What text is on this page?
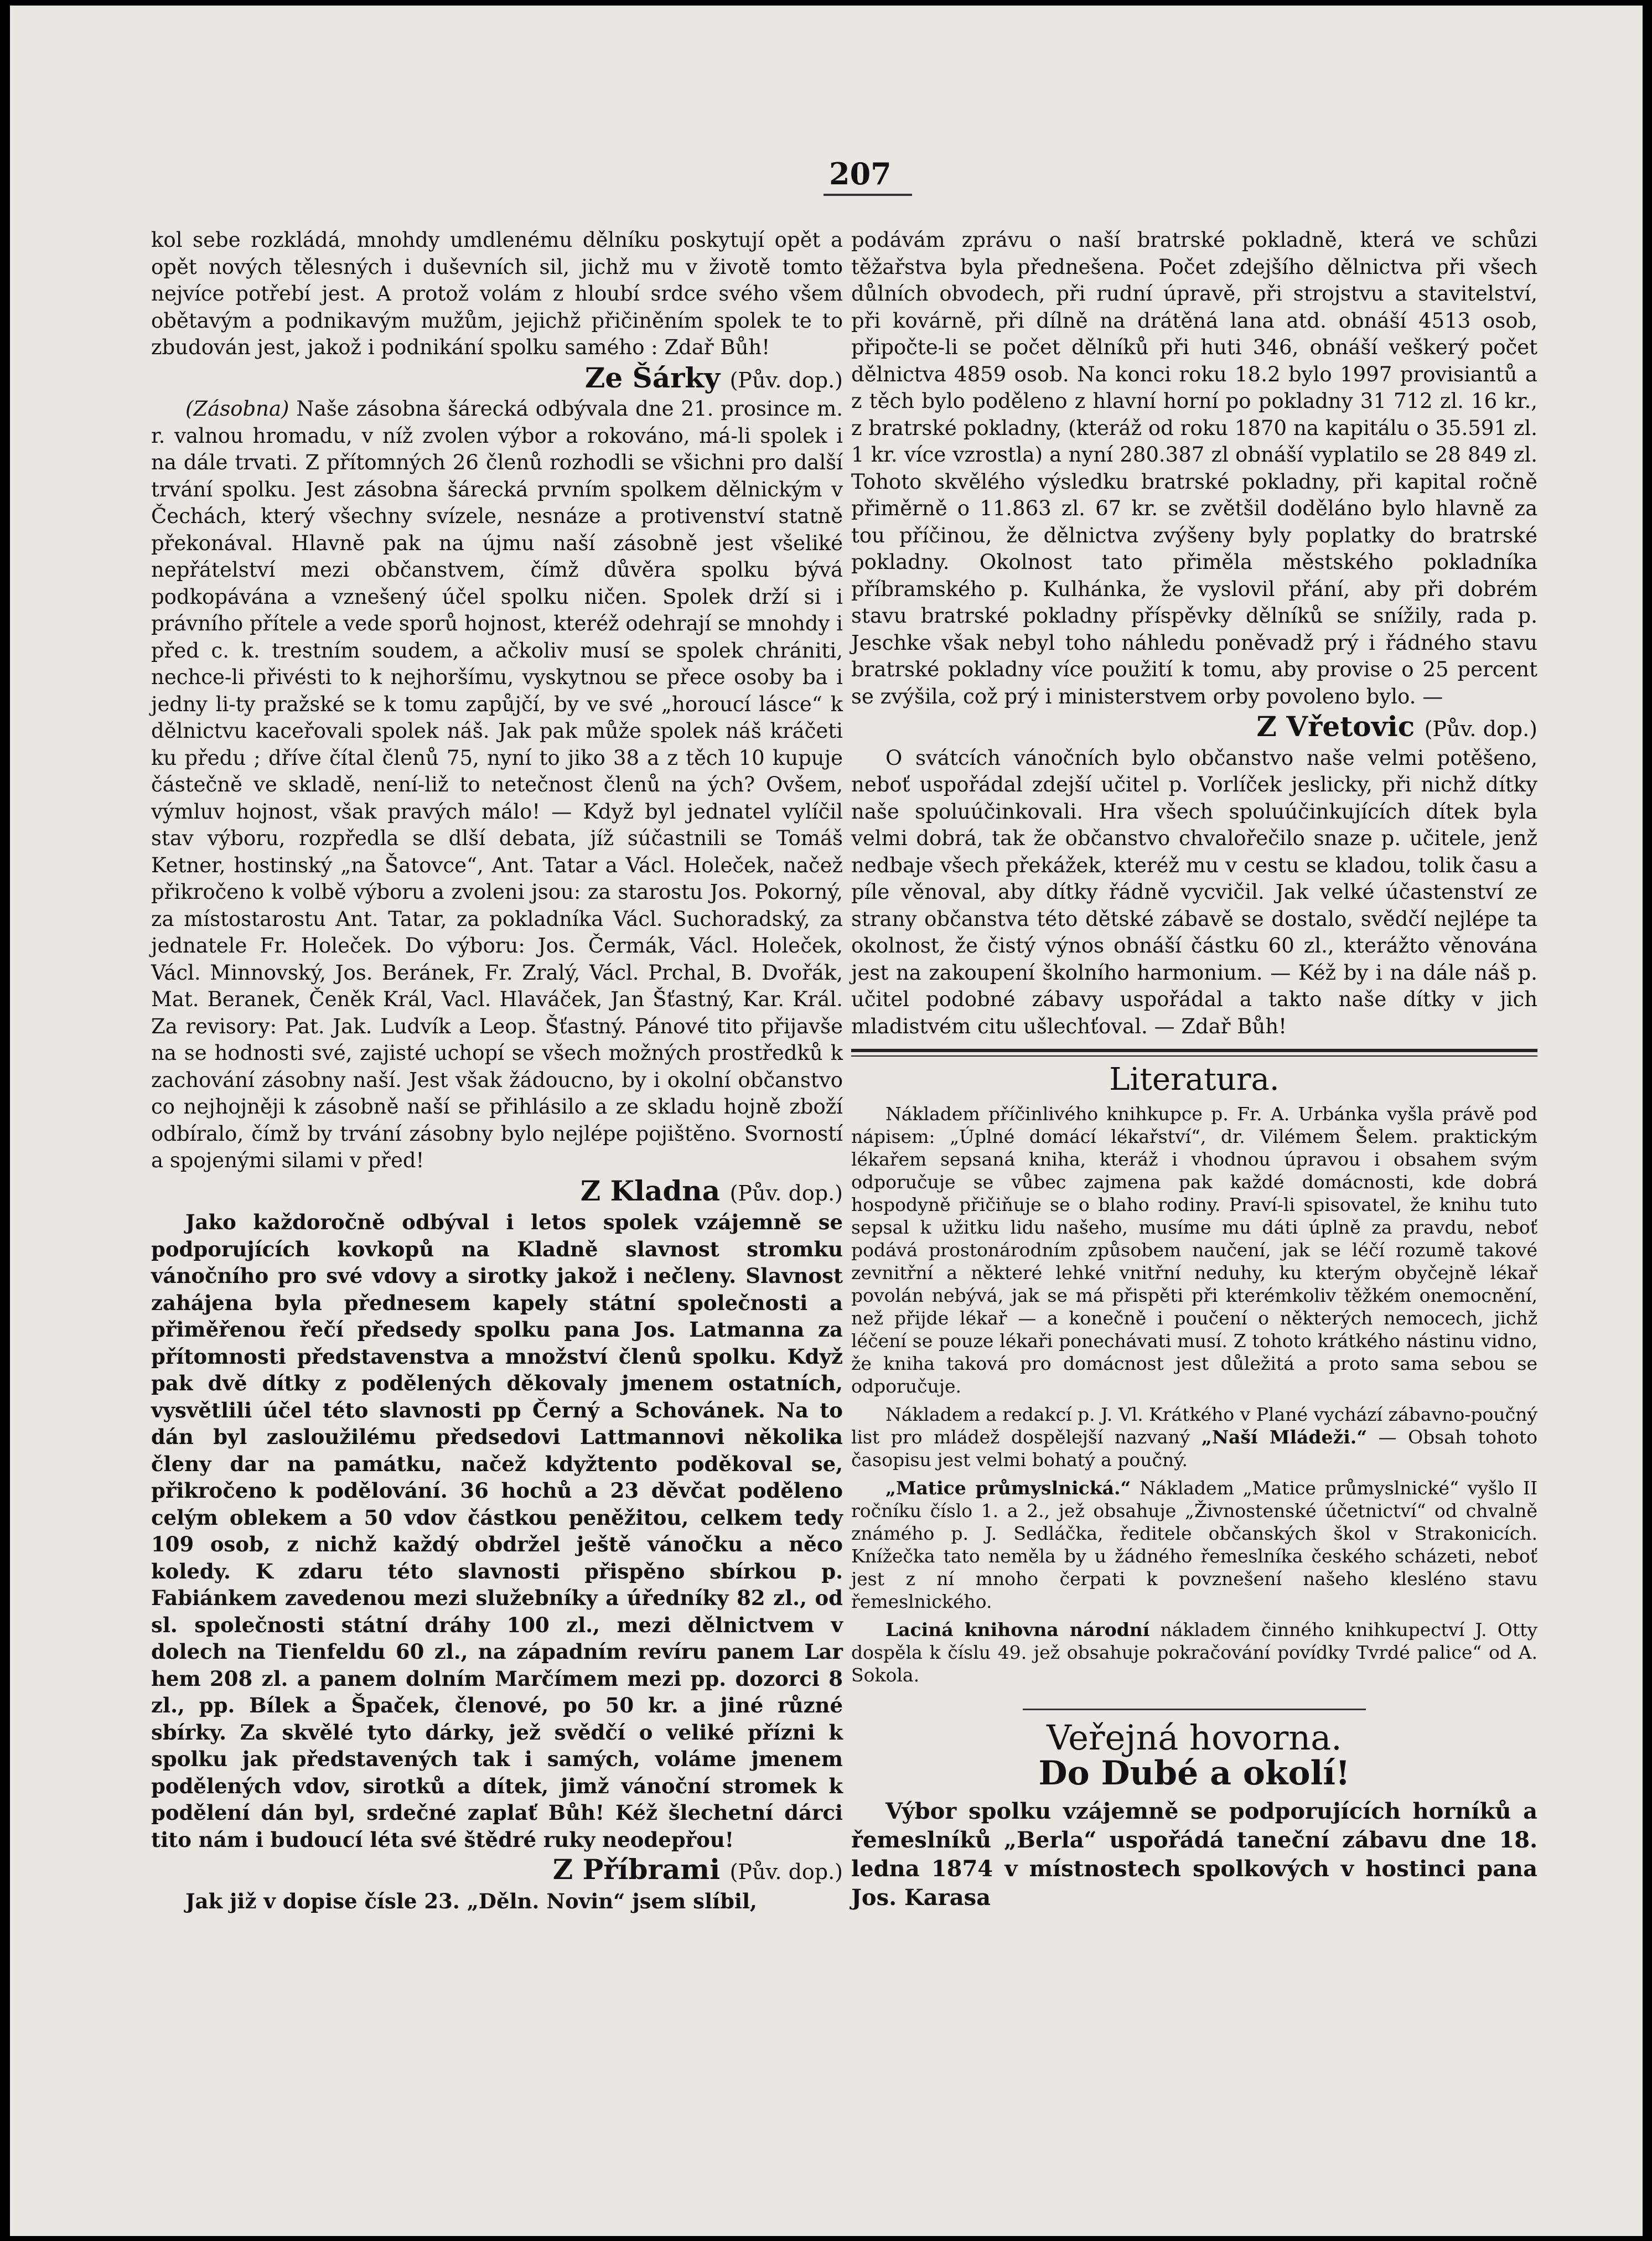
207

kol sebe rozkládá, mnohdy umdlenému dělníku poskytují opět a opět nových tělesných i duševních sil, jichž mu v životě tomto nejvíce potřebí jest. A protož volám z hloubí srdce svého všem obětavým a podnikavým mužům, jejichž přičiněním spolek te to zbudován jest, jakož i podnikání spolku samého : Zdař Bůh!

Ze Šárky (Pův. dop.)

(Zásobna) Naše zásobna šárecká odbývala dne 21. prosince m. r. valnou hromadu, v níž zvolen výbor a rokováno, má-li spolek i na dále trvati. Z přítomných 26 členů rozhodli se všichni pro další trvání spolku. Jest zásobna šárecká prvním spolkem dělnickým v Čechách, který všechny svízele, nesnáze a protivenství statně překonával. Hlavně pak na újmu naší zásobně jest všeliké nepřátelství mezi občanstvem, čímž důvěra spolku bývá podkopávána a vznešený účel spolku ničen. Spolek drží si i právního přítele a vede sporů hojnost, kteréž odehrají se mnohdy i před c. k. trestním soudem, a ačkoliv musí se spolek chrániti, nechce-li přivésti to k nejhoršímu, vyskytnou se přece osoby ba i jedny li-ty pražské se k tomu zapůjčí, by ve své „horoucí lásce“ k dělnictvu kaceřovali spolek náš. Jak pak může spolek náš kráčeti ku předu ; dříve čítal členů 75, nyní to jiko 38 a z těch 10 kupuje částečně ve skladě, není-liž to netečnost členů na ých? Ovšem, výmluv hojnost, však pravých málo! — Když byl jednatel vylíčil stav výboru, rozpředla se dlší debata, jíž súčastnili se Tomáš Ketner, hostinský „na Šatovce“, Ant. Tatar a Václ. Holeček, načež přikročeno k volbě výboru a zvoleni jsou: za starostu Jos. Pokorný, za místostarostu Ant. Tatar, za pokladníka Václ. Suchoradský, za jednatele Fr. Holeček. Do výboru: Jos. Čermák, Václ. Holeček, Václ. Minnovský, Jos. Beránek, Fr. Zralý, Václ. Prchal, B. Dvořák, Mat. Beranek, Čeněk Král, Vacl. Hlaváček, Jan Šťastný, Kar. Král. Za revisory: Pat. Jak. Ludvík a Leop. Šťastný. Pánové tito přijavše na se hodnosti své, zajisté uchopí se všech možných prostředků k zachování zásobny naší. Jest však žádoucno, by i okolní občanstvo co nejhojněji k zásobně naší se přihlásilo a ze skladu hojně zboží odbíralo, čímž by trvání zásobny bylo nejlépe pojištěno. Svorností a spojenými silami v před!

Z Kladna (Pův. dop.)

Jako každoročně odbýval i letos spolek vzájemně se podporujících kovkopů na Kladně slavnost stromku vánočního pro své vdovy a sirotky jakož i nečleny. Slavnost zahájena byla přednesem kapely státní společnosti a přiměřenou řečí předsedy spolku pana Jos. Latmanna za přítomnosti představenstva a množství členů spolku. Když pak dvě dítky z podělených děkovaly jmenem ostatních, vysvětlili účel této slavnosti pp Černý a Schovánek. Na to dán byl zasloužilému předsedovi Lattmannovi několika členy dar na památku, načež kdyžtento poděkoval se, přikročeno k podělování. 36 hochů a 23 děvčat poděleno celým oblekem a 50 vdov částkou peněžitou, celkem tedy 109 osob, z nichž každý obdržel ještě vánočku a něco koledy. K zdaru této slavnosti přispěno sbírkou p. Fabiánkem zavedenou mezi služebníky a úředníky 82 zl., od sl. společnosti státní dráhy 100 zl., mezi dělnictvem v dolech na Tienfeldu 60 zl., na západním revíru panem Lar hem 208 zl. a panem dolním Marčímem mezi pp. dozorci 8 zl., pp. Bílek a Špaček, členové, po 50 kr. a jiné různé sbírky. Za skvělé tyto dárky, jež svědčí o veliké přízni k spolku jak představených tak i samých, voláme jmenem podělených vdov, sirotků a dítek, jimž vánoční stromek k podělení dán byl, srdečné zaplať Bůh! Kéž šlechetní dárci tito nám i budoucí léta své štědré ruky neodepřou!

Z Příbrami (Pův. dop.)

Jak již v dopise čísle 23. „Děln. Novin“ jsem slíbil,

podávám zprávu o naší bratrské pokladně, která ve schůzi těžařstva byla přednešena. Počet zdejšího dělnictva při všech důlních obvodech, při rudní úpravě, při strojstvu a stavitelství, při kovárně, při dílně na drátěná lana atd. obnáší 4513 osob, připočte-li se počet dělníků při huti 346, obnáší veškerý počet dělnictva 4859 osob. Na konci roku 18.2 bylo 1997 provisiantů a z těch bylo poděleno z hlavní horní po pokladny 31 712 zl. 16 kr., z bratrské pokladny, (kteráž od roku 1870 na kapitálu o 35.591 zl. 1 kr. více vzrostla) a nyní 280.387 zl obnáší vyplatilo se 28 849 zl. Tohoto skvělého výsledku bratrské pokladny, při kapital ročně přiměrně o 11.863 zl. 67 kr. se zvětšil doděláno bylo hlavně za tou příčinou, že dělnictva zvýšeny byly poplatky do bratrské pokladny. Okolnost tato přiměla městského pokladníka příbramského p. Kulhánka, že vyslovil přání, aby při dobrém stavu bratrské pokladny příspěvky dělníků se snížily, rada p. Jeschke však nebyl toho náhledu poněvadž prý i řádného stavu bratrské pokladny více použití k tomu, aby provise o 25 percent se zvýšila, což prý i ministerstvem orby povoleno bylo. —

Z Vřetovic (Pův. dop.)

O svátcích vánočních bylo občanstvo naše velmi potěšeno, neboť uspořádal zdejší učitel p. Vorlíček jeslicky, při nichž dítky naše spoluúčinkovali. Hra všech spoluúčinkujících dítek byla velmi dobrá, tak že občanstvo chvalořečilo snaze p. učitele, jenž nedbaje všech překážek, kteréž mu v cestu se kladou, tolik času a píle věnoval, aby dítky řádně vycvičil. Jak velké účastenství ze strany občanstva této dětské zábavě se dostalo, svědčí nejlépe ta okolnost, že čistý výnos obnáší částku 60 zl., kterážto věnována jest na zakoupení školního harmonium. — Kéž by i na dále náš p. učitel podobné zábavy uspořádal a takto naše dítky v jich mladistvém citu ušlechťoval. — Zdař Bůh!

Literatura.

Nákladem příčinlivého knihkupce p. Fr. A. Urbánka vyšla právě pod nápisem: „Úplné domácí lékařství“, dr. Vilémem Šelem. praktickým lékařem sepsaná kniha, kteráž i vhodnou úpravou i obsahem svým odporučuje se vůbec zajmena pak každé domácnosti, kde dobrá hospodyně přičiňuje se o blaho rodiny. Praví-li spisovatel, že knihu tuto sepsal k užitku lidu našeho, musíme mu dáti úplně za pravdu, neboť podává prostonárodním způsobem naučení, jak se léčí rozumě takové zevnitřní a některé lehké vnitřní neduhy, ku kterým obyčejně lékař povolán nebývá, jak se má přispěti při kterémkoliv těžkém onemocnění, než přijde lékař — a konečně i poučení o některých nemocech, jichž léčení se pouze lékaři ponechávati musí. Z tohoto krátkého nástinu vidno, že kniha taková pro domácnost jest důležitá a proto sama sebou se odporučuje.

Nákladem a redakcí p. J. Vl. Krátkého v Plané vychází zábavno-poučný list pro mládež dospělejší nazvaný „Naší Mládeži.“ — Obsah tohoto časopisu jest velmi bohatý a poučný.

„Matice průmyslnická.“ Nákladem „Matice průmyslnické“ vyšlo II ročníku číslo 1. a 2., jež obsahuje „Živnostenské účetnictví“ od chvalně známého p. J. Sedláčka, ředitele občanských škol v Strakonicích. Knížečka tato neměla by u žádného řemeslníka českého scházeti, neboť jest z ní mnoho čerpati k povznešení našeho klesléno stavu řemeslnického.

Laciná knihovna národní nákladem činného knihkupectví J. Otty dospěla k číslu 49. jež obsahuje pokračování povídky Tvrdé palice“ od A. Sokola.

Veřejná hovorna.
Do Dubé a okolí!

Výbor spolku vzájemně se podporujících horníků a řemeslníků „Berla“ uspořádá taneční zábavu dne 18. ledna 1874 v místnostech spolkových v hostinci pana Jos. Karasa
